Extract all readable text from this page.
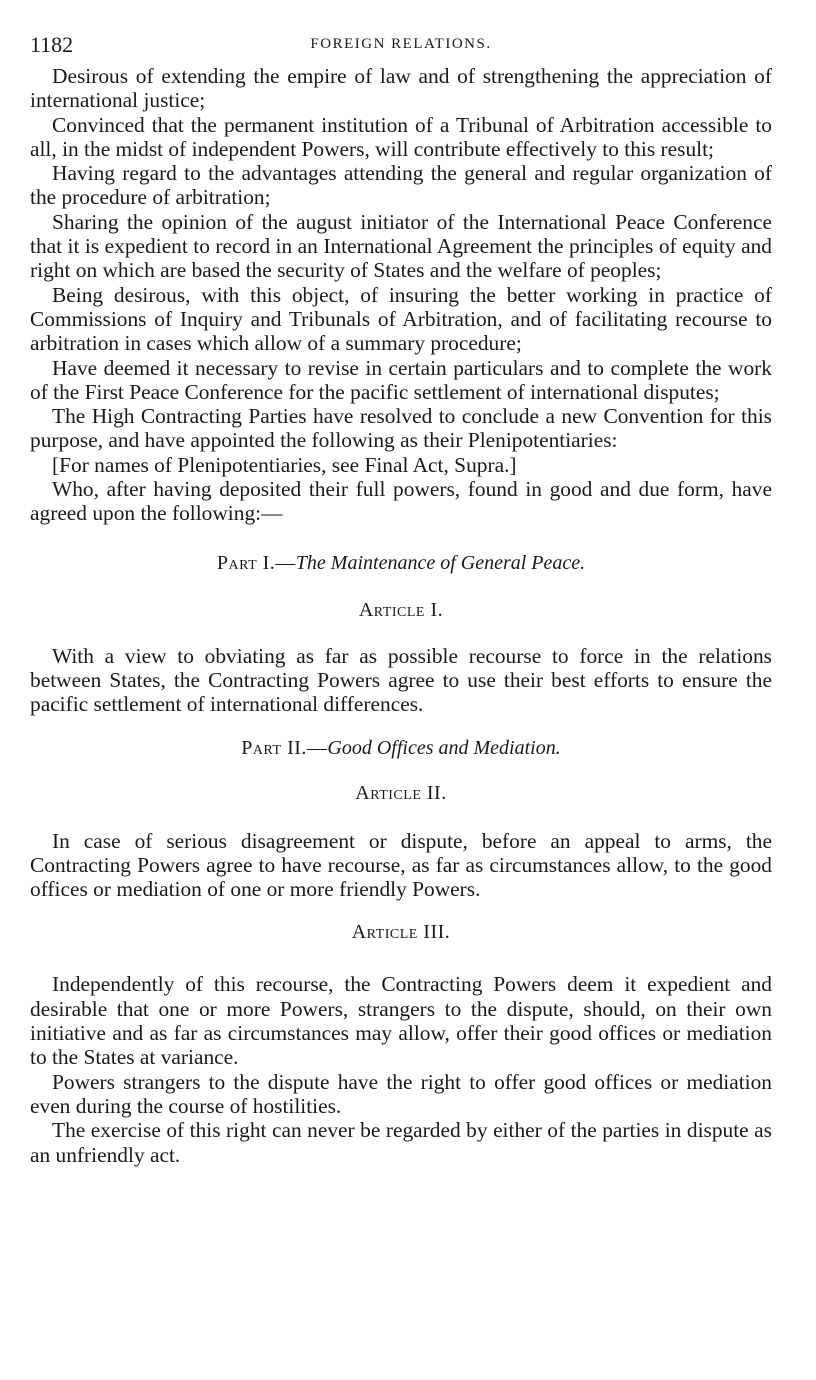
1182	FOREIGN RELATIONS.

Desirous of extending the empire of law and of strengthening the appreciation of international justice;

Convinced that the permanent institution of a Tribunal of Arbitration accessible to all, in the midst of independent Powers, will contribute effectively to this result;

Having regard to the advantages attending the general and regular organization of the procedure of arbitration;

Sharing the opinion of the august initiator of the International Peace Conference that it is expedient to record in an International Agreement the principles of equity and right on which are based the security of States and the welfare of peoples;

Being desirous, with this object, of insuring the better working in practice of Commissions of Inquiry and Tribunals of Arbitration, and of facilitating recourse to arbitration in cases which allow of a summary procedure;

Have deemed it necessary to revise in certain particulars and to complete the work of the First Peace Conference for the pacific settlement of international disputes;

The High Contracting Parties have resolved to conclude a new Convention for this purpose, and have appointed the following as their Plenipotentiaries:

[For names of Plenipotentiaries, see Final Act, Supra.]

Who, after having deposited their full powers, found in good and due form, have agreed upon the following:—

Part I.—The Maintenance of General Peace.

Article I.

With a view to obviating as far as possible recourse to force in the relations between States, the Contracting Powers agree to use their best efforts to ensure the pacific settlement of international differences.

Part II.—Good Offices and Mediation.

Article II.

In case of serious disagreement or dispute, before an appeal to arms, the Contracting Powers agree to have recourse, as far as circumstances allow, to the good offices or mediation of one or more friendly Powers.

Article III.

Independently of this recourse, the Contracting Powers deem it expedient and desirable that one or more Powers, strangers to the dispute, should, on their own initiative and as far as circumstances may allow, offer their good offices or mediation to the States at variance.

Powers strangers to the dispute have the right to offer good offices or mediation even during the course of hostilities.

The exercise of this right can never be regarded by either of the parties in dispute as an unfriendly act.
